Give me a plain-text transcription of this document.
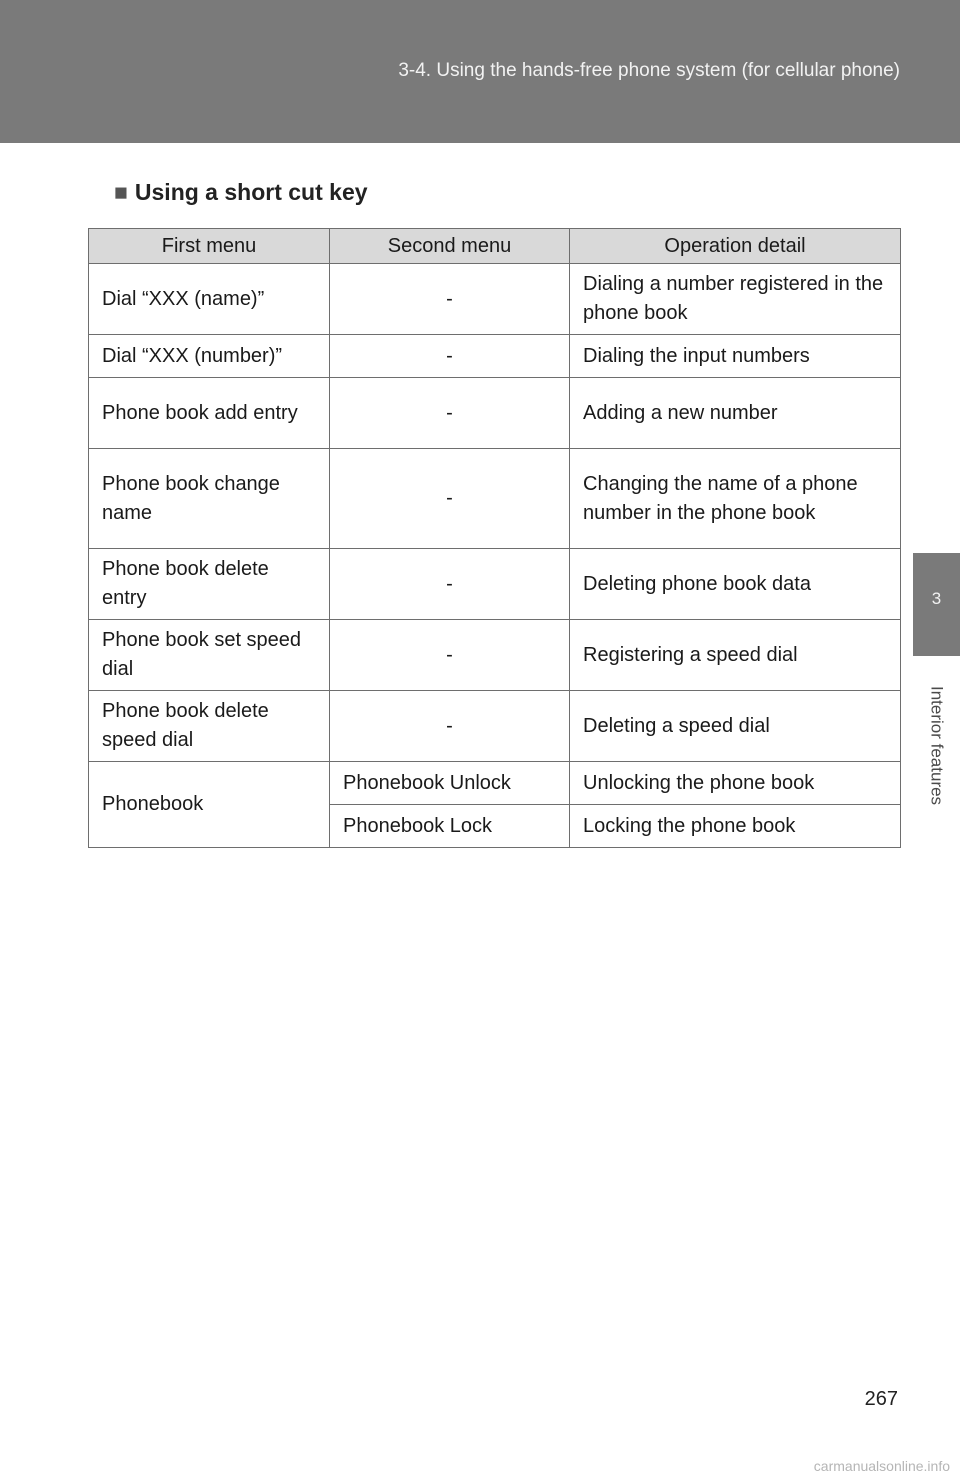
3-4. Using the hands-free phone system (for cellular phone)
3
Interior features
■ Using a short cut key
First menu	Second menu	Operation detail
Dial “XXX (name)”	-	Dialing a number registered in the phone book
Dial “XXX (number)”	-	Dialing the input numbers
Phone book add entry	-	Adding a new number
Phone book change name	-	Changing the name of a phone number in the phone book
Phone book delete entry	-	Deleting phone book data
Phone book set speed dial	-	Registering a speed dial
Phone book delete speed dial	-	Deleting a speed dial
Phonebook	Phonebook Unlock	Unlocking the phone book
	Phonebook Lock	Locking the phone book
267
carmanualsonline.info
